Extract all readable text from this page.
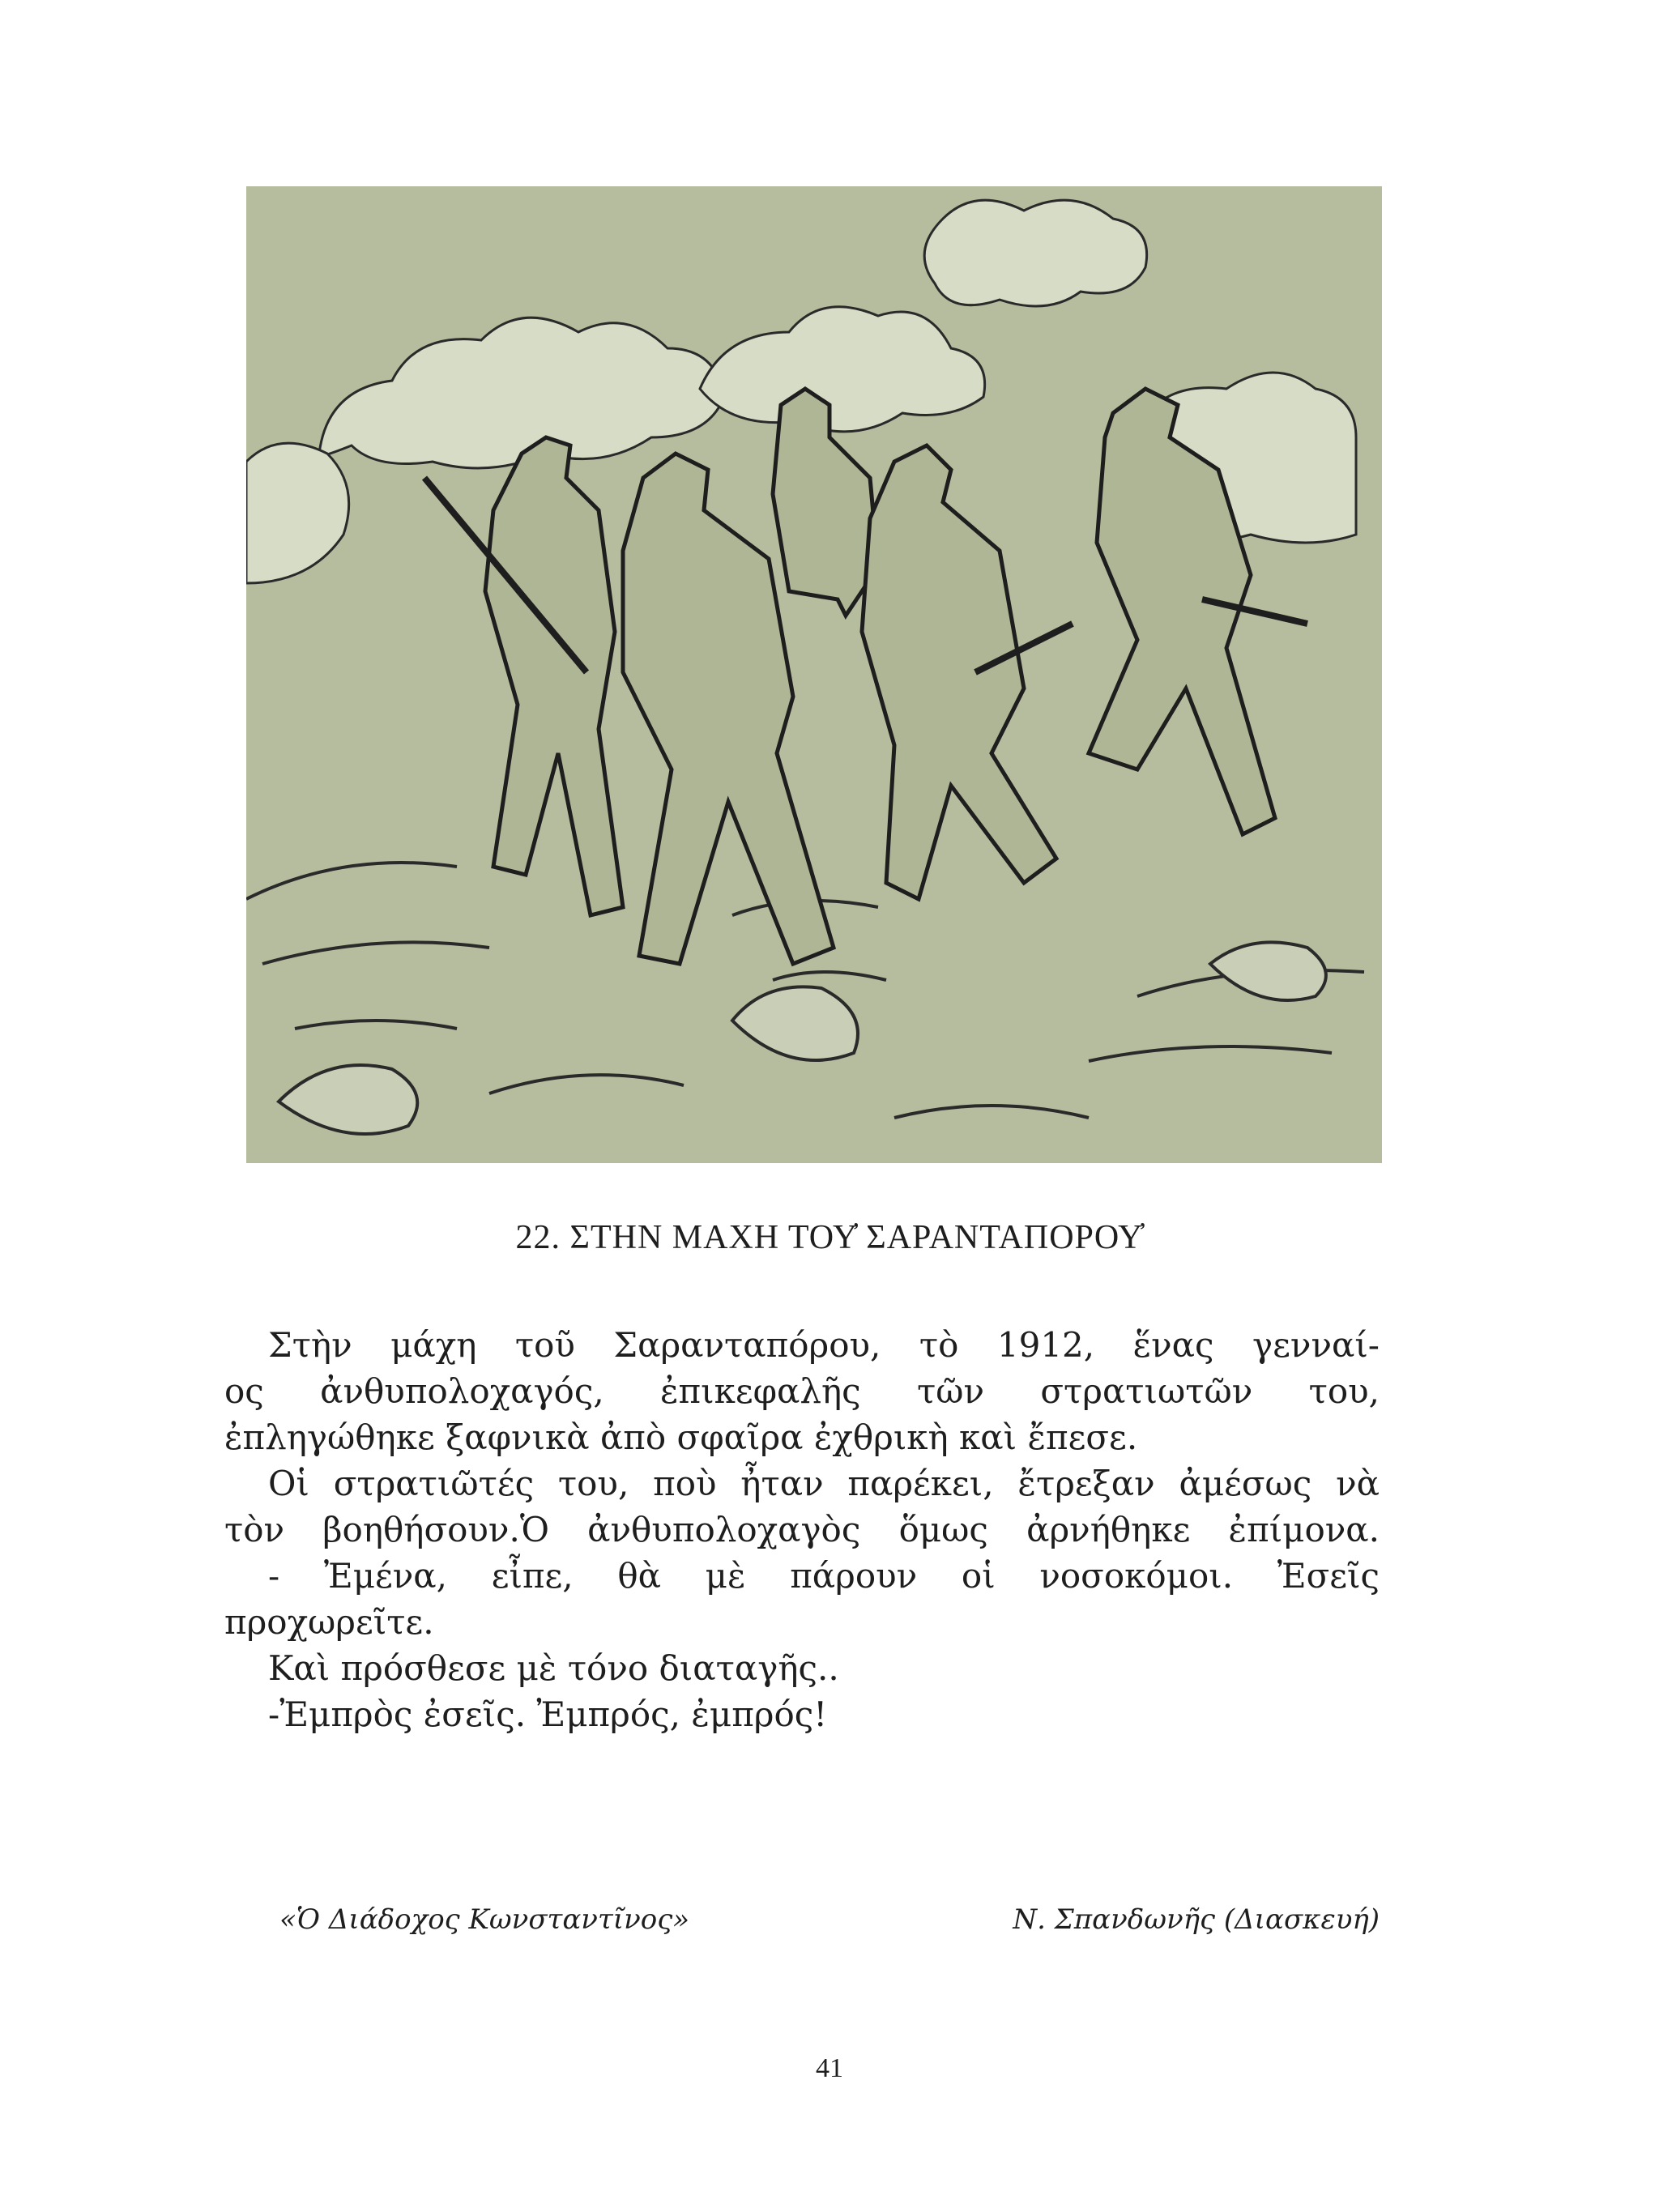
22. ΣΤΗΝ ΜΑΧΗ ΤΟΥ̓ ΣΑΡΑΝΤΑΠΟΡΟΥ̓
Στὴν μάχη τοῦ Σαρανταπόρου, τὸ 1912, ἕνας γενναί-
ος ἀνθυπολοχαγός, ἐπικεφαλῆς τῶν στρατιωτῶν του,
ἐπληγώθηκε ξαφνικὰ ἀπὸ σφαῖρα ἐχθρικὴ καὶ ἔπεσε.
Οἱ στρατιῶτές του, ποὺ ἦταν παρέκει, ἔτρεξαν ἀμέσως νὰ
τὸν βοηθήσουν.Ὁ ἀνθυπολοχαγὸς ὅμως ἀρνήθηκε ἐπίμονα.
- Ἐμένα, εἶπε, θὰ μὲ πάρουν οἱ νοσοκόμοι. Ἐσεῖς
προχωρεῖτε.
Καὶ πρόσθεσε μὲ τόνο διαταγῆς..
-Ἐμπρὸς ἐσεῖς. Ἐμπρός, ἐμπρός!
«Ὁ Διάδοχος Κωνσταντῖνος»	Ν. Σπανδωνῆς (Διασκευή)
41
